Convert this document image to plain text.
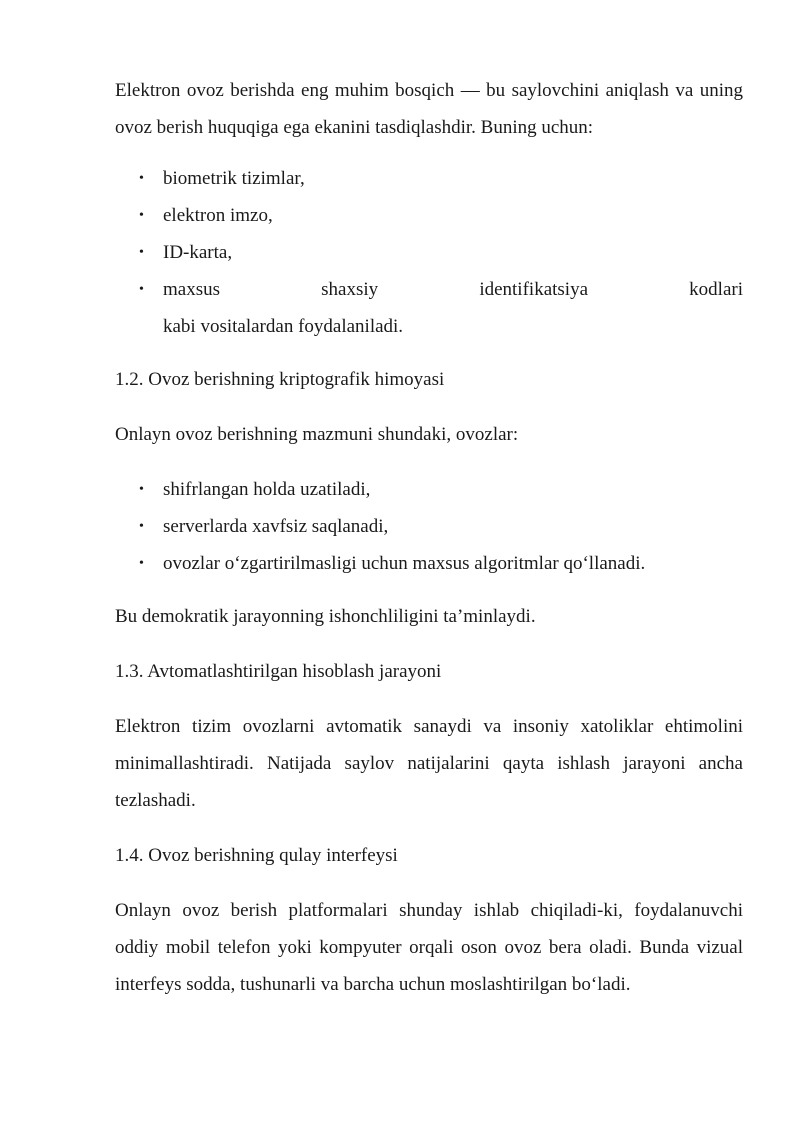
Elektron ovoz berishda eng muhim bosqich — bu saylovchini aniqlash va uning ovoz berish huquqiga ega ekanini tasdiqlashdir. Buning uchun:

• biometrik tizimlar,
• elektron imzo,
• ID-karta,
• maxsus	shaxsiy	identifikatsiya	kodlari
kabi vositalardan foydalaniladi.

1.2. Ovoz berishning kriptografik himoyasi

Onlayn ovoz berishning mazmuni shundaki, ovozlar:

• shifrlangan holda uzatiladi,
• serverlarda xavfsiz saqlanadi,
• ovozlar oʻzgartirilmasligi uchun maxsus algoritmlar qoʻllanadi.

Bu demokratik jarayonning ishonchliligini taʼminlaydi.

1.3. Avtomatlashtirilgan hisoblash jarayoni

Elektron tizim ovozlarni avtomatik sanaydi va insoniy xatoliklar ehtimolini minimallashtiradi. Natijada saylov natijalarini qayta ishlash jarayoni ancha tezlashadi.

1.4. Ovoz berishning qulay interfeysi

Onlayn ovoz berish platformalari shunday ishlab chiqiladi-ki, foydalanuvchi oddiy mobil telefon yoki kompyuter orqali oson ovoz bera oladi. Bunda vizual interfeys sodda, tushunarli va barcha uchun moslashtirilgan boʻladi.
